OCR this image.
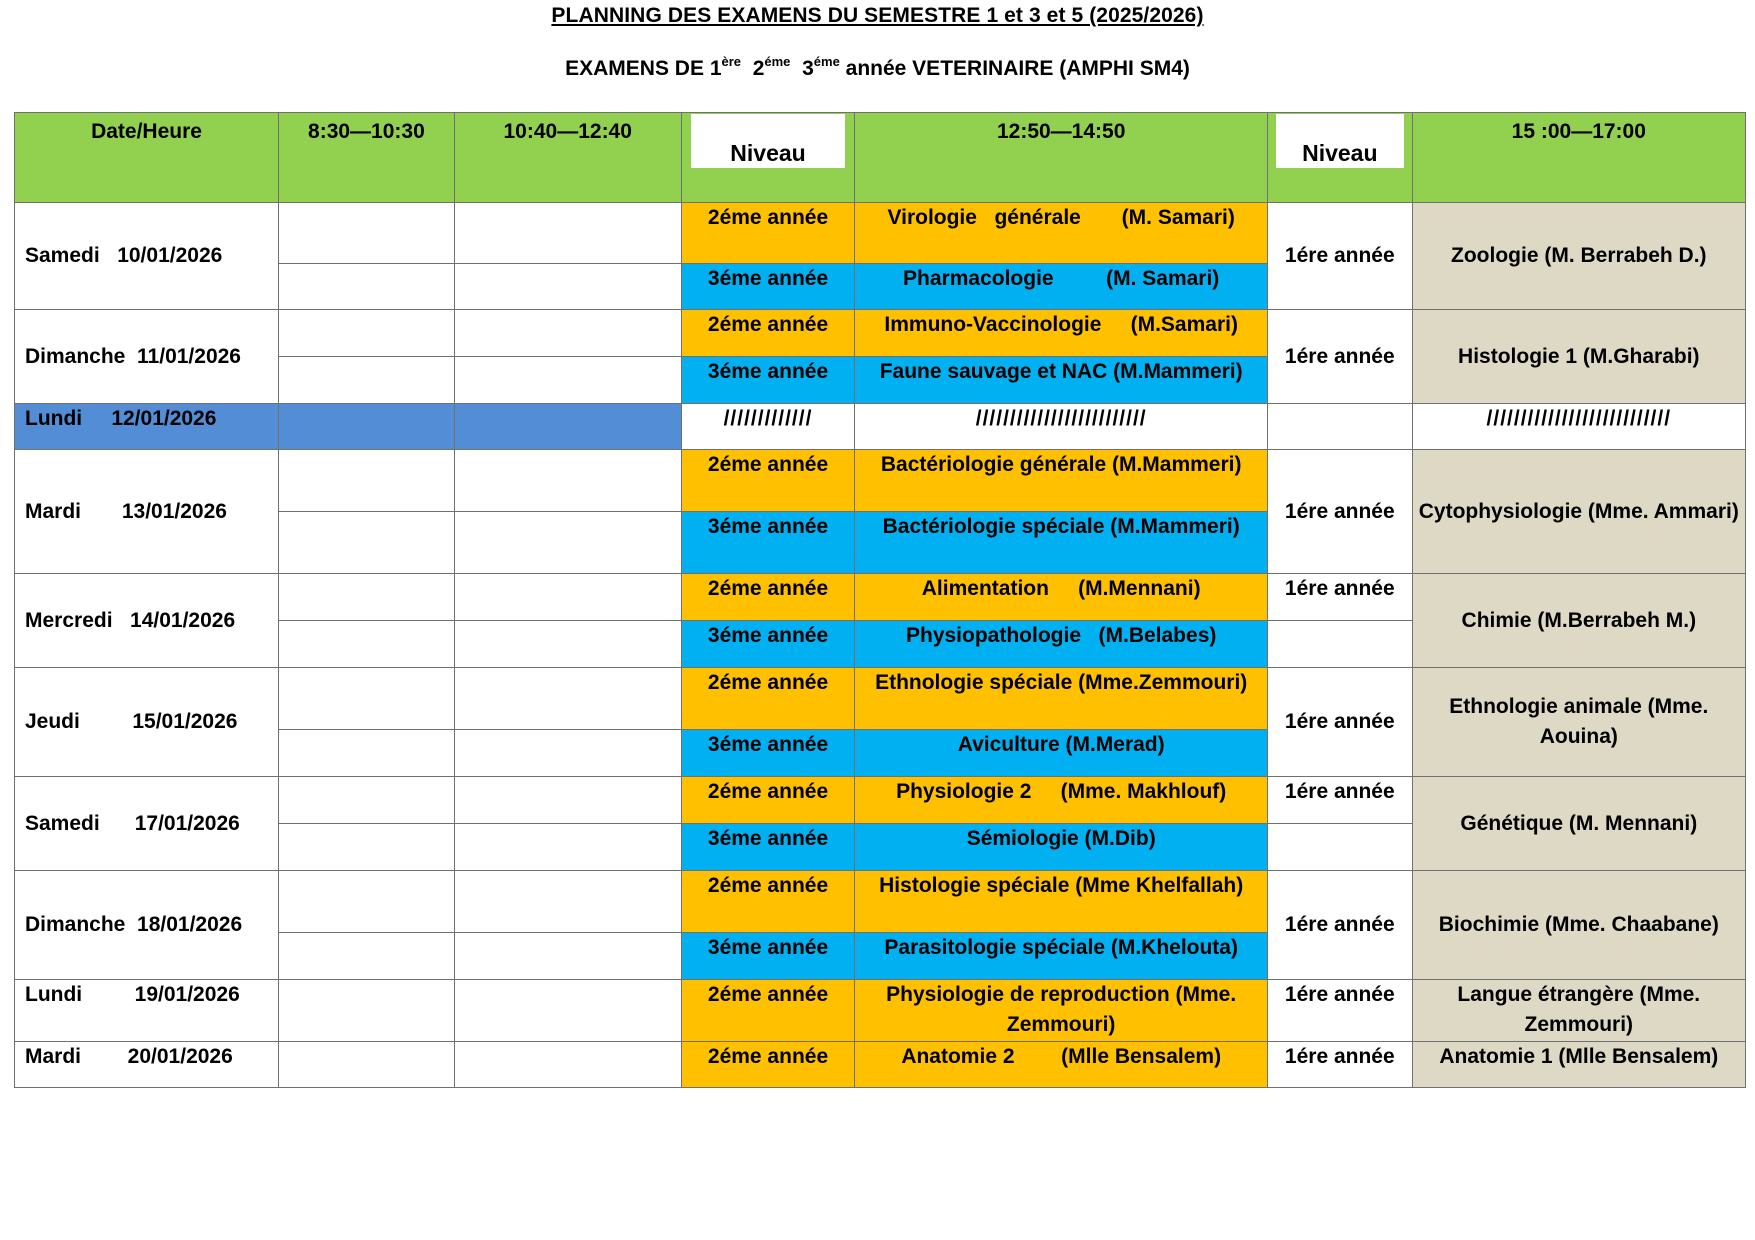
PLANNING DES EXAMENS DU SEMESTRE 1 et 3 et 5 (2025/2026)
EXAMENS DE 1ère  $2^{éme}$  $3^{éme}$ année VETERINAIRE (AMPHI SM4)
Date/Heure	8:30—10:30	10:40—12:40	Niveau	12:50—14:50	Niveau	15 :00—17:00
Samedi   10/01/2026			2éme année	Virologie   générale       (M. Samari)	1ére année	Zoologie (M. Berrabeh D.)
			3éme année	Pharmacologie         (M. Samari)		
Dimanche  11/01/2026			2éme année	Immuno-Vaccinologie     (M.Samari)	1ére année	Histologie 1 (M.Gharabi)
			3éme année	Faune sauvage et NAC (M.Mammeri)		
Lundi     12/01/2026			/////////////	/////////////////////////		///////////////////////////
Mardi       13/01/2026			2éme année	Bactériologie générale (M.Mammeri)	1ére année	Cytophysiologie (Mme. Ammari)
			3éme année	Bactériologie spéciale (M.Mammeri)		
Mercredi   14/01/2026			2éme année	Alimentation     (M.Mennani)	1ére année	Chimie (M.Berrabeh M.)
			3éme année	Physiopathologie   (M.Belabes)		
Jeudi         15/01/2026			2éme année	Ethnologie spéciale (Mme.Zemmouri)	1ére année	Ethnologie animale (Mme. Aouina)
			3éme année	Aviculture (M.Merad)		
Samedi      17/01/2026			2éme année	Physiologie 2     (Mme. Makhlouf)	1ére année	Génétique (M. Mennani)
			3éme année	Sémiologie (M.Dib)		
Dimanche  18/01/2026			2éme année	Histologie spéciale (Mme Khelfallah)	1ére année	Biochimie (Mme. Chaabane)
			3éme année	Parasitologie spéciale (M.Khelouta)		
Lundi         19/01/2026			2éme année	Physiologie de reproduction (Mme. Zemmouri)	1ére année	Langue étrangère (Mme. Zemmouri)
Mardi        20/01/2026			2éme année	Anatomie 2        (Mlle Bensalem)	1ére année	Anatomie 1 (Mlle Bensalem)
